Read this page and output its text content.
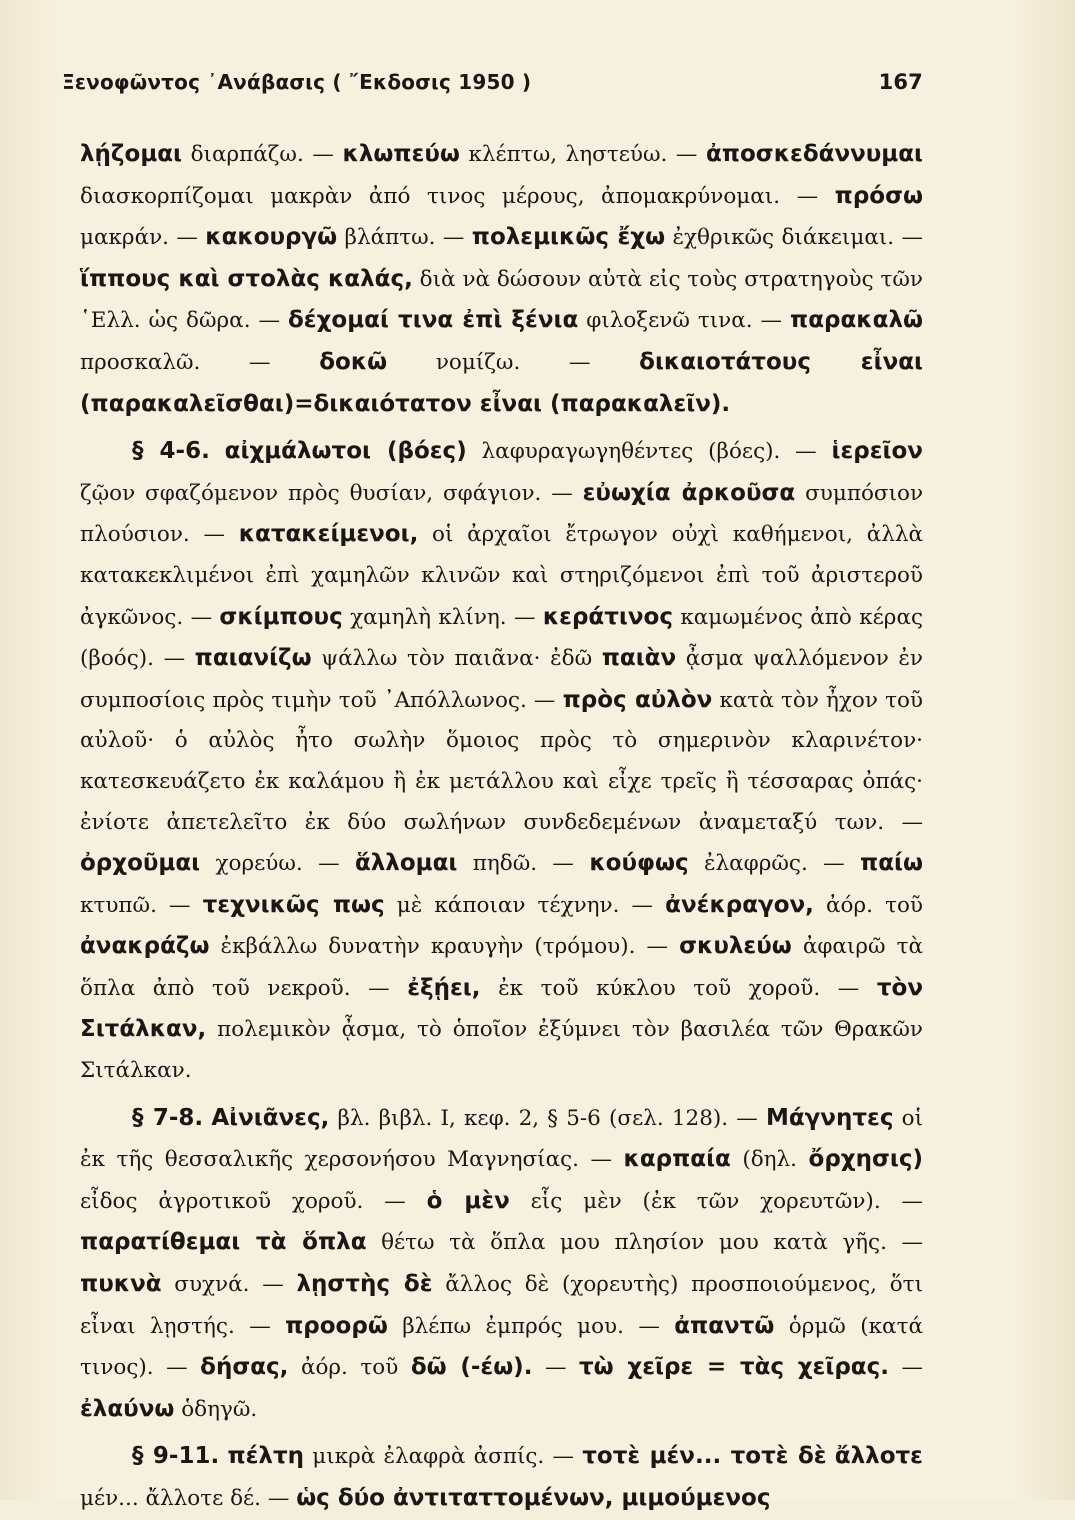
Ξενοφῶντος ᾿Ανάβασις ( ῎Εκδοσις 1950 )	167

λῄζομαι διαρπάζω. — κλωπεύω κλέπτω, ληστεύω. — ἀποσκεδάννυμαι διασκορπίζομαι μακρὰν ἀπό τινος μέρους, ἀπομακρύνομαι. — πρόσω μακράν. — κακουργῶ βλάπτω. — πολεμικῶς ἔχω ἐχθρικῶς διάκειμαι. — ἵππους καὶ στολὰς καλάς, διὰ νὰ δώσουν αὐτὰ εἰς τοὺς στρατηγοὺς τῶν ῾Ελλ. ὡς δῶρα. — δέχομαί τινα ἐπὶ ξένια φιλοξενῶ τινα. — παρακαλῶ προσκαλῶ. — δοκῶ νομίζω. — δικαιοτάτους εἶναι (παρακαλεῖσθαι)=δικαιότατον εἶναι (παρακαλεῖν).

§ 4-6. αἰχμάλωτοι (βόες) λαφυραγωγηθέντες (βόες). — ἱερεῖον ζῷον σφαζόμενον πρὸς θυσίαν, σφάγιον. — εὐωχία ἀρκοῦσα συμπόσιον πλούσιον. — κατακείμενοι, οἱ ἀρχαῖοι ἔτρωγον οὐχὶ καθήμενοι, ἀλλὰ κατακεκλιμένοι ἐπὶ χαμηλῶν κλινῶν καὶ στηριζόμενοι ἐπὶ τοῦ ἀριστεροῦ ἀγκῶνος. — σκίμπους χαμηλὴ κλίνη. — κεράτινος καμωμένος ἀπὸ κέρας (βοός). — παιανίζω ψάλλω τὸν παιᾶνα· ἐδῶ παιὰν ᾆσμα ψαλλόμενον ἐν συμποσίοις πρὸς τιμὴν τοῦ ᾿Απόλλωνος. — πρὸς αὐλὸν κατὰ τὸν ἦχον τοῦ αὐλοῦ· ὁ αὐλὸς ἦτο σωλὴν ὅμοιος πρὸς τὸ σημερινὸν κλαρινέτον· κατεσκευάζετο ἐκ καλάμου ἢ ἐκ μετάλλου καὶ εἶχε τρεῖς ἢ τέσσαρας ὀπάς· ἐνίοτε ἀπετελεῖτο ἐκ δύο σωλήνων συνδεδεμένων ἀναμεταξύ των. — ὀρχοῦμαι χορεύω. — ἅλλομαι πηδῶ. — κούφως ἐλαφρῶς. — παίω κτυπῶ. — τεχνικῶς πως μὲ κάποιαν τέχνην. — ἀνέκραγον, ἀόρ. τοῦ ἀνακράζω ἐκβάλλω δυνατὴν κραυγὴν (τρόμου). — σκυλεύω ἀφαιρῶ τὰ ὅπλα ἀπὸ τοῦ νεκροῦ. — ἐξῄει, ἐκ τοῦ κύκλου τοῦ χοροῦ. — τὸν Σιτάλκαν, πολεμικὸν ᾆσμα, τὸ ὁποῖον ἐξύμνει τὸν βασιλέα τῶν Θρακῶν Σιτάλκαν.

§ 7-8. Αἰνιᾶνες, βλ. βιβλ. Ι, κεφ. 2, § 5-6 (σελ. 128). — Μάγνητες οἱ ἐκ τῆς θεσσαλικῆς χερσονήσου Μαγνησίας. — καρπαία (δηλ. ὄρχησις) εἶδος ἀγροτικοῦ χοροῦ. — ὁ μὲν εἷς μὲν (ἐκ τῶν χορευτῶν). — παρατίθεμαι τὰ ὅπλα θέτω τὰ ὅπλα μου πλησίον μου κατὰ γῆς. — πυκνὰ συχνά. — λῃστὴς δὲ ἄλλος δὲ (χορευτὴς) προσποιούμενος, ὅτι εἶναι λῃστής. — προορῶ βλέπω ἐμπρός μου. — ἀπαντῶ ὁρμῶ (κατά τινος). — δήσας, ἀόρ. τοῦ δῶ (-έω). — τὼ χεῖρε = τὰς χεῖρας. — ἐλαύνω ὁδηγῶ.

§ 9-11. πέλτη μικρὰ ἐλαφρὰ ἀσπίς. — τοτὲ μέν... τοτὲ δὲ ἄλλοτε μέν... ἄλλοτε δέ. — ὡς δύο ἀντιταττομένων, μιμούμενος
